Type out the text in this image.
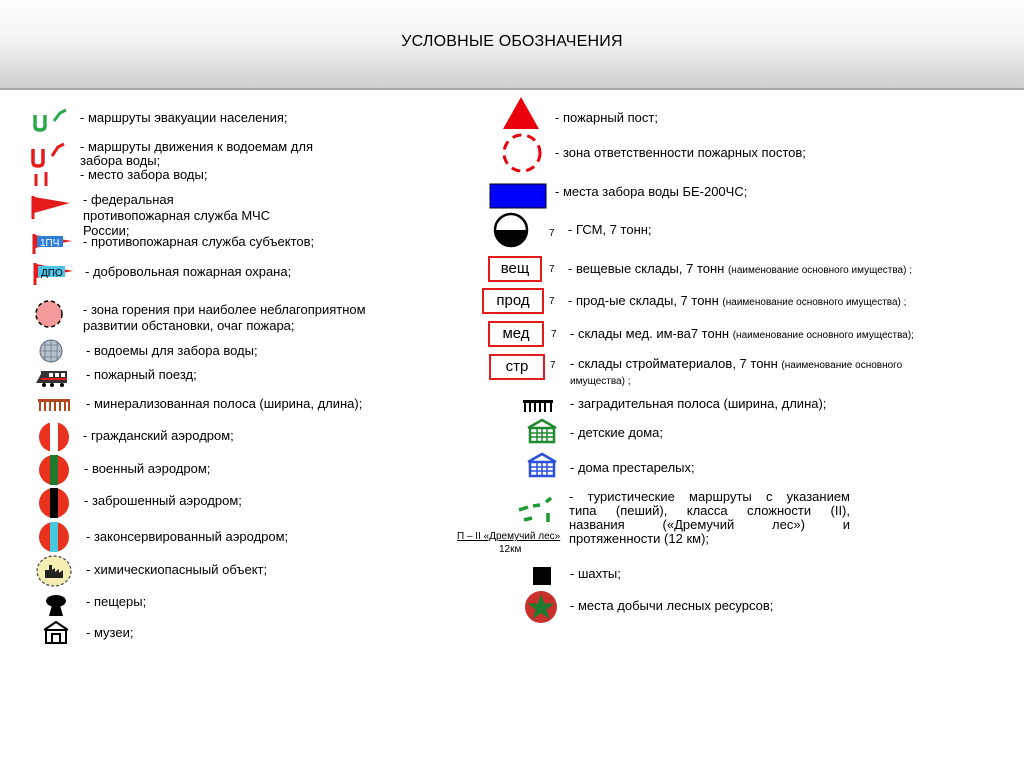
УСЛОВНЫЕ ОБОЗНАЧЕНИЯ
- маршруты эвакуации населения;
- маршруты движения к водоемам для
забора воды;
- место забора воды;
- федеральная
противопожарная служба МЧС
России;
1ПЧ - противопожарная служба субъектов;
ДПО - добровольная пожарная охрана;
- зона горения при наиболее неблагоприятном
развитии обстановки, очаг пожара;
- водоемы для забора воды;
- пожарный поезд;
- минерализованная полоса (ширина, длина);
- гражданский аэродром;
- военный аэродром;
- заброшенный аэродром;
- законсервированный аэродром;
- химическиопасныый объект;
- пещеры;
- музеи;
- пожарный пост;
- зона ответственности пожарных постов;
- места забора воды БЕ-200ЧС;
7 - ГСМ, 7 тонн;
вещ	7 - вещевые склады, 7 тонн (наименование основного имущества) ;
прод	7 - прод-ые склады, 7 тонн (наименование основного имущества) ;
мед	7 - склады мед. им-ва7 тонн (наименование основного имущества);
стр	7 - склады стройматериалов, 7 тонн (наименование основного
имущества) ;
- заградительная полоса (ширина, длина);
- детские дома;
- дома престарелых;
П – II «Дремучий лес»
12км
- туристические маршруты с указанием
типа (пеший), класса сложности (II),
названия («Дремучий лес») и
протяженности (12 км);
- шахты;
- места добычи лесных ресурсов;
